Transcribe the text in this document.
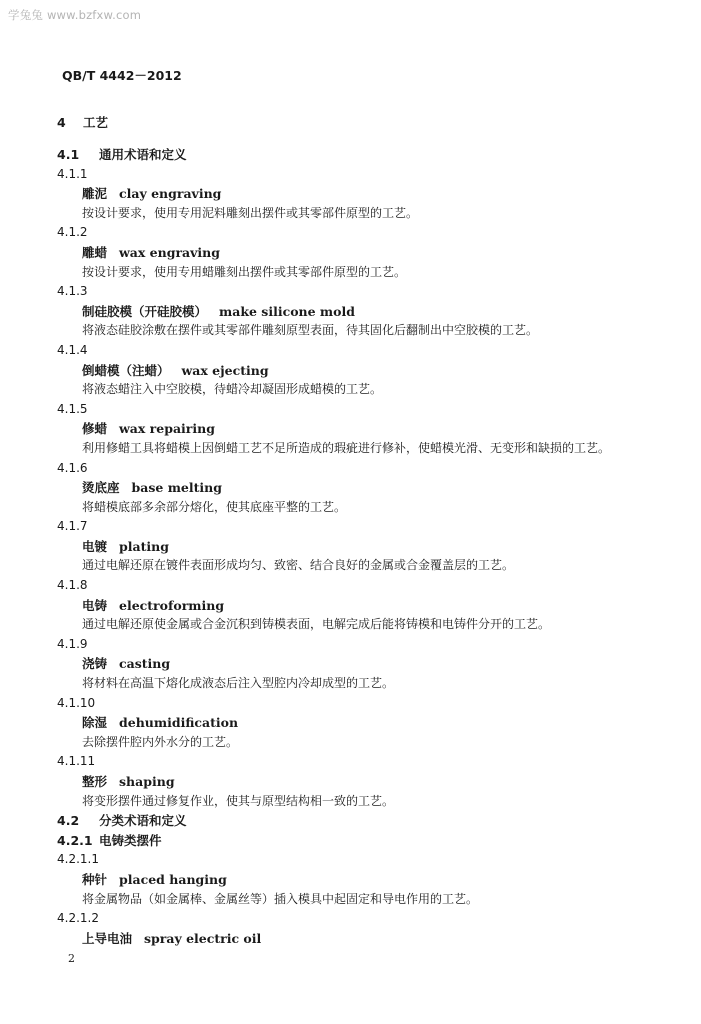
学兔兔 www.bzfxw.com
QB/T 4442－2012
4 工艺
4.1 通用术语和定义
4.1.1
雕泥 clay engraving
按设计要求，使用专用泥料雕刻出摆件或其零部件原型的工艺。
4.1.2
雕蜡 wax engraving
按设计要求，使用专用蜡雕刻出摆件或其零部件原型的工艺。
4.1.3
制硅胶模（开硅胶模） make silicone mold
将液态硅胶涂敷在摆件或其零部件雕刻原型表面，待其固化后翻制出中空胶模的工艺。
4.1.4
倒蜡模（注蜡） wax ejecting
将液态蜡注入中空胶模，待蜡冷却凝固形成蜡模的工艺。
4.1.5
修蜡 wax repairing
利用修蜡工具将蜡模上因倒蜡工艺不足所造成的瑕疵进行修补，使蜡模光滑、无变形和缺损的工艺。
4.1.6
烫底座 base melting
将蜡模底部多余部分熔化，使其底座平整的工艺。
4.1.7
电镀 plating
通过电解还原在镀件表面形成均匀、致密、结合良好的金属或合金覆盖层的工艺。
4.1.8
电铸 electroforming
通过电解还原使金属或合金沉积到铸模表面，电解完成后能将铸模和电铸件分开的工艺。
4.1.9
浇铸 casting
将材料在高温下熔化成液态后注入型腔内冷却成型的工艺。
4.1.10
除湿 dehumidification
去除摆件腔内外水分的工艺。
4.1.11
整形 shaping
将变形摆件通过修复作业，使其与原型结构相一致的工艺。
4.2 分类术语和定义
4.2.1 电铸类摆件
4.2.1.1
种针 placed hanging
将金属物品（如金属棒、金属丝等）插入模具中起固定和导电作用的工艺。
4.2.1.2
上导电油 spray electric oil
2
